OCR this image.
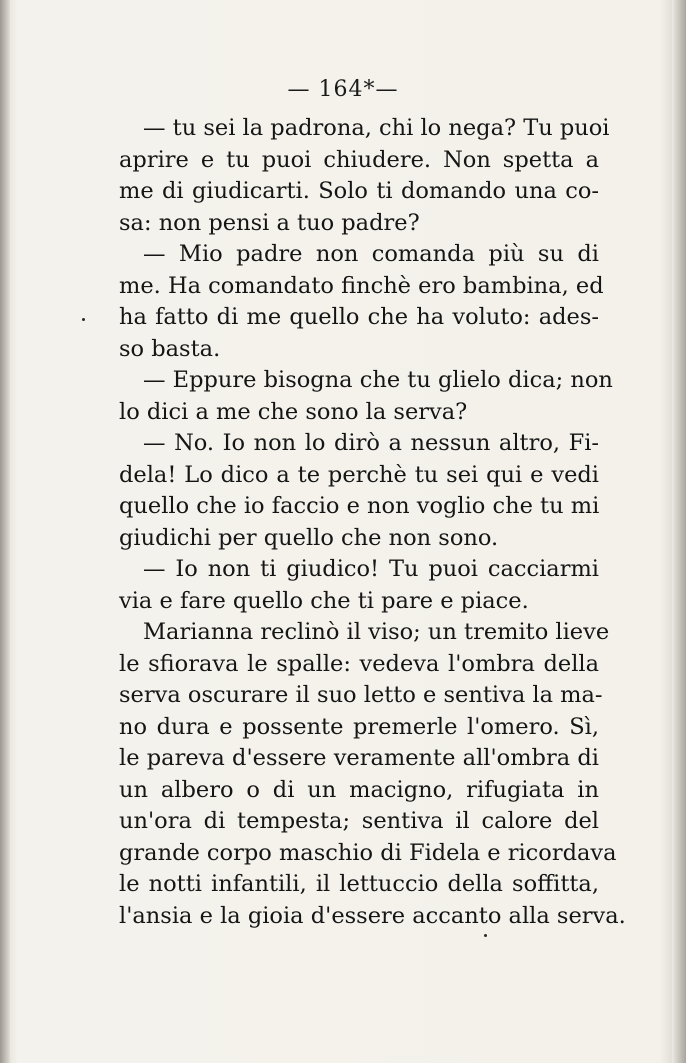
— 164*—
— tu sei la padrona, chi lo nega? Tu puoi
aprire e tu puoi chiudere. Non spetta a
me di giudicarti. Solo ti domando una co-
sa: non pensi a tuo padre?
— Mio padre non comanda più su di
me. Ha comandato finchè ero bambina, ed
ha fatto di me quello che ha voluto: ades-
so basta.
— Eppure bisogna che tu glielo dica; non
lo dici a me che sono la serva?
— No. Io non lo dirò a nessun altro, Fi-
dela! Lo dico a te perchè tu sei qui e vedi
quello che io faccio e non voglio che tu mi
giudichi per quello che non sono.
— Io non ti giudico! Tu puoi cacciarmi
via e fare quello che ti pare e piace.
Marianna reclinò il viso; un tremito lieve
le sfiorava le spalle: vedeva l'ombra della
serva oscurare il suo letto e sentiva la ma-
no dura e possente premerle l'omero. Sì,
le pareva d'essere veramente all'ombra di
un albero o di un macigno, rifugiata in
un'ora di tempesta; sentiva il calore del
grande corpo maschio di Fidela e ricordava
le notti infantili, il lettuccio della soffitta,
l'ansia e la gioia d'essere accanto alla serva.
